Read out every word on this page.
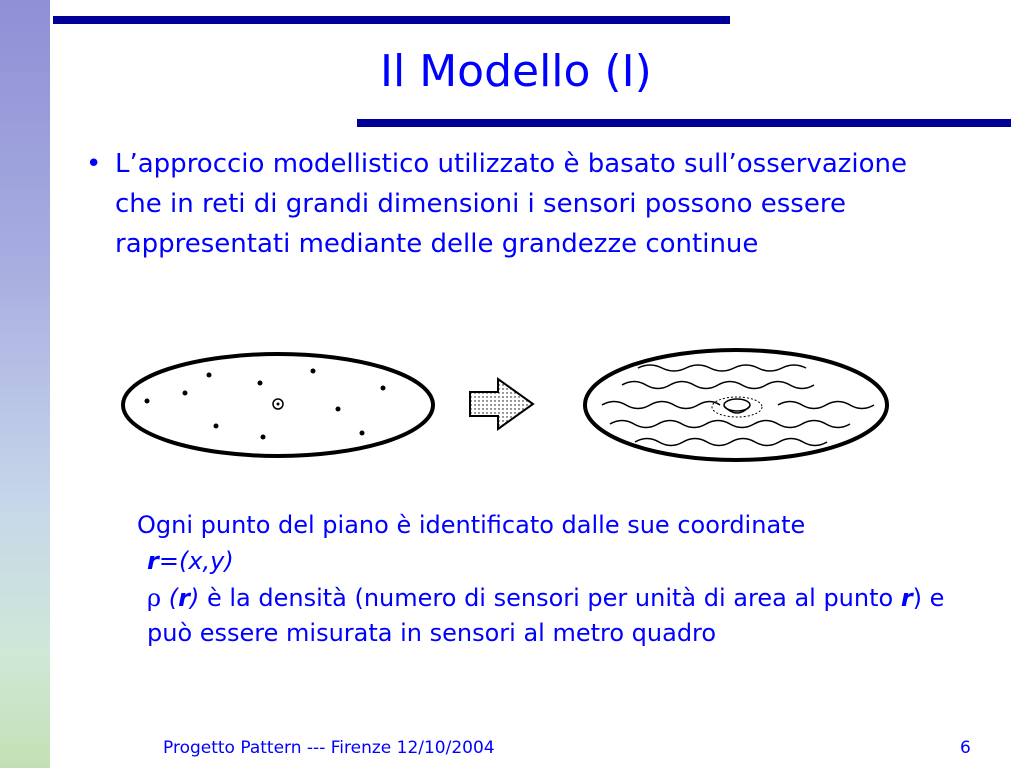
Il Modello (I)
• L’approccio modellistico utilizzato è basato sull’osservazione che in reti di grandi dimensioni i sensori possono essere rappresentati mediante delle grandezze continue
Ogni punto del piano è identificato dalle sue coordinate
r=(x,y)
ρ (r) è la densità (numero di sensori per unità di area al punto r) e può essere misurata in sensori al metro quadro
Progetto Pattern --- Firenze 12/10/2004	6
